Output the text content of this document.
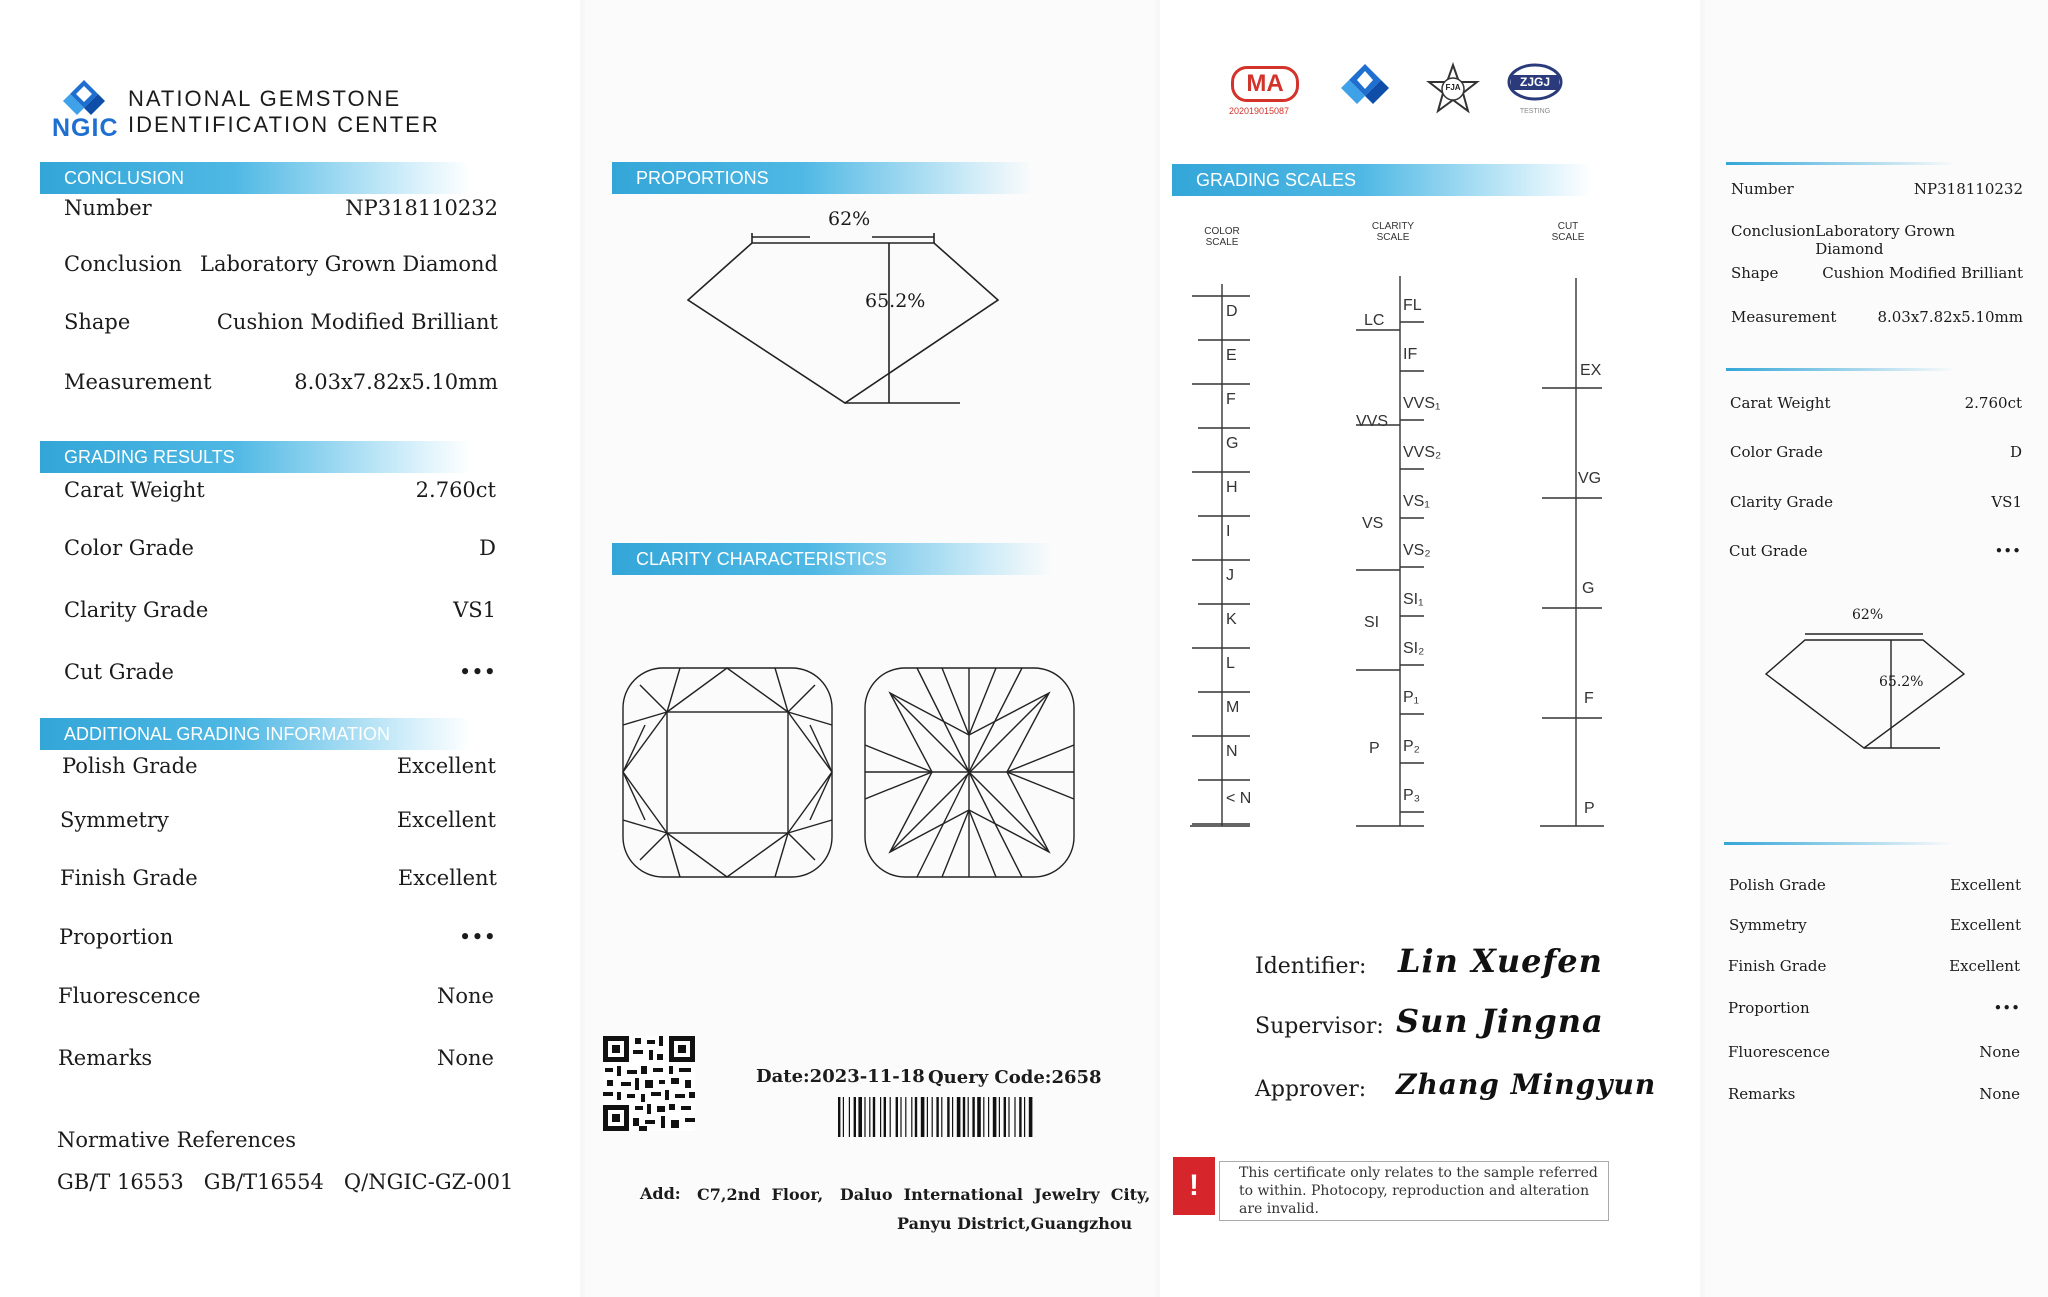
NGIC
NATIONAL GEMSTONE
IDENTIFICATION CENTER
CONCLUSION
Number	NP318110232
Conclusion Laboratory Grown Diamond
Shape	Cushion Modified Brilliant
Measurement	8.03x7.82x5.10mm
GRADING RESULTS
Carat Weight	2.760ct
Color Grade	D
Clarity Grade	VS1
Cut Grade	•••
ADDITIONAL GRADING INFORMATION
Polish Grade	Excellent
Symmetry	Excellent
Finish Grade	Excellent
Proportion	•••
Fluorescence	None
Remarks	None
Normative References
GB/T 16553   GB/T16554   Q/NGIC-GZ-001
PROPORTIONS
62%
65.2%
CLARITY CHARACTERISTICS
Date:2023-11-18 Query Code:2658
Add: C7,2nd  Floor,   Daluo  International  Jewelry  City,
Panyu District,Guangzhou
MA
202019015087
FJA	ZJGJ
TESTING
GRADING SCALES
COLOR
SCALE
CLARITY
SCALE
CUT
SCALE
D
E
F
G
H
I
J
K
L
M
N
< N
FL
IF
VVS₁
VVS₂
VS₁
VS₂
SI₁
SI₂
P₁
P₂
P₃
LC
VVS
VS
SI
P
EX
VG
G
F
P
Identifier: Lin Xuefen
Supervisor: Sun Jingna
Approver: Zhang Mingyun
!	This certificate only relates to the sample referred
to within. Photocopy, reproduction and alteration
are invalid.
Number	NP318110232
Conclusion Laboratory Grown Diamond
Shape	Cushion Modified Brilliant
Measurement	8.03x7.82x5.10mm
Carat Weight	2.760ct
Color Grade	D
Clarity Grade	VS1
Cut Grade	•••
62%
65.2%
Polish Grade	Excellent
Symmetry	Excellent
Finish Grade	Excellent
Proportion	•••
Fluorescence	None
Remarks	None
